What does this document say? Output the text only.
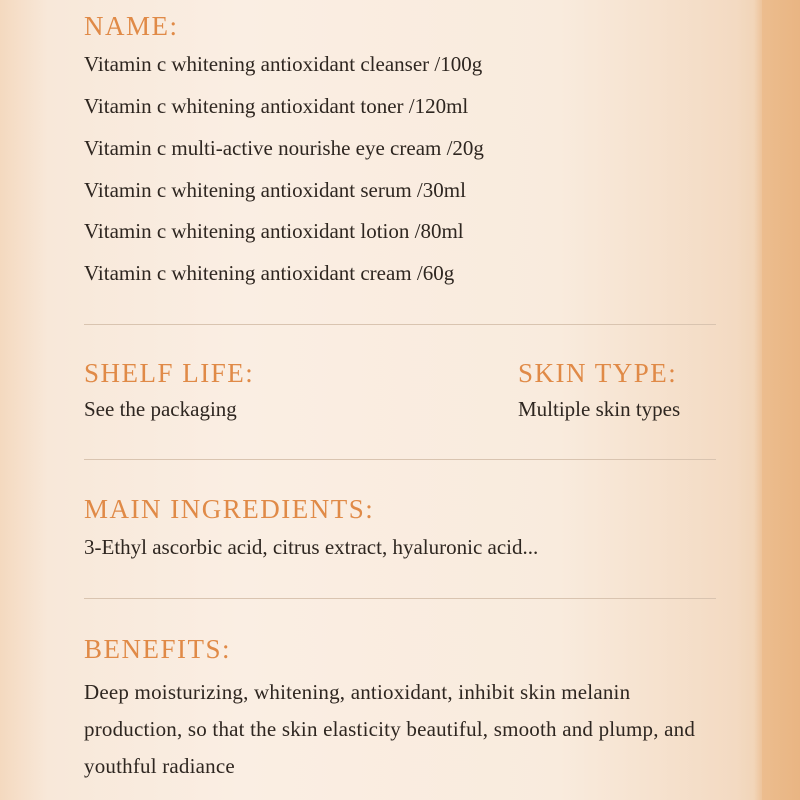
NAME:
Vitamin c whitening antioxidant cleanser /100g
Vitamin c whitening antioxidant toner /120ml
Vitamin c multi-active nourishe eye cream /20g
Vitamin c whitening antioxidant serum /30ml
Vitamin c whitening antioxidant lotion /80ml
Vitamin c whitening antioxidant cream /60g
SHELF LIFE:
See the packaging
SKIN TYPE:
Multiple skin types
MAIN INGREDIENTS:
3-Ethyl ascorbic acid, citrus extract, hyaluronic acid...
BENEFITS:
Deep moisturizing, whitening, antioxidant, inhibit skin melanin production, so that the skin elasticity beautiful, smooth and plump, and youthful radiance
